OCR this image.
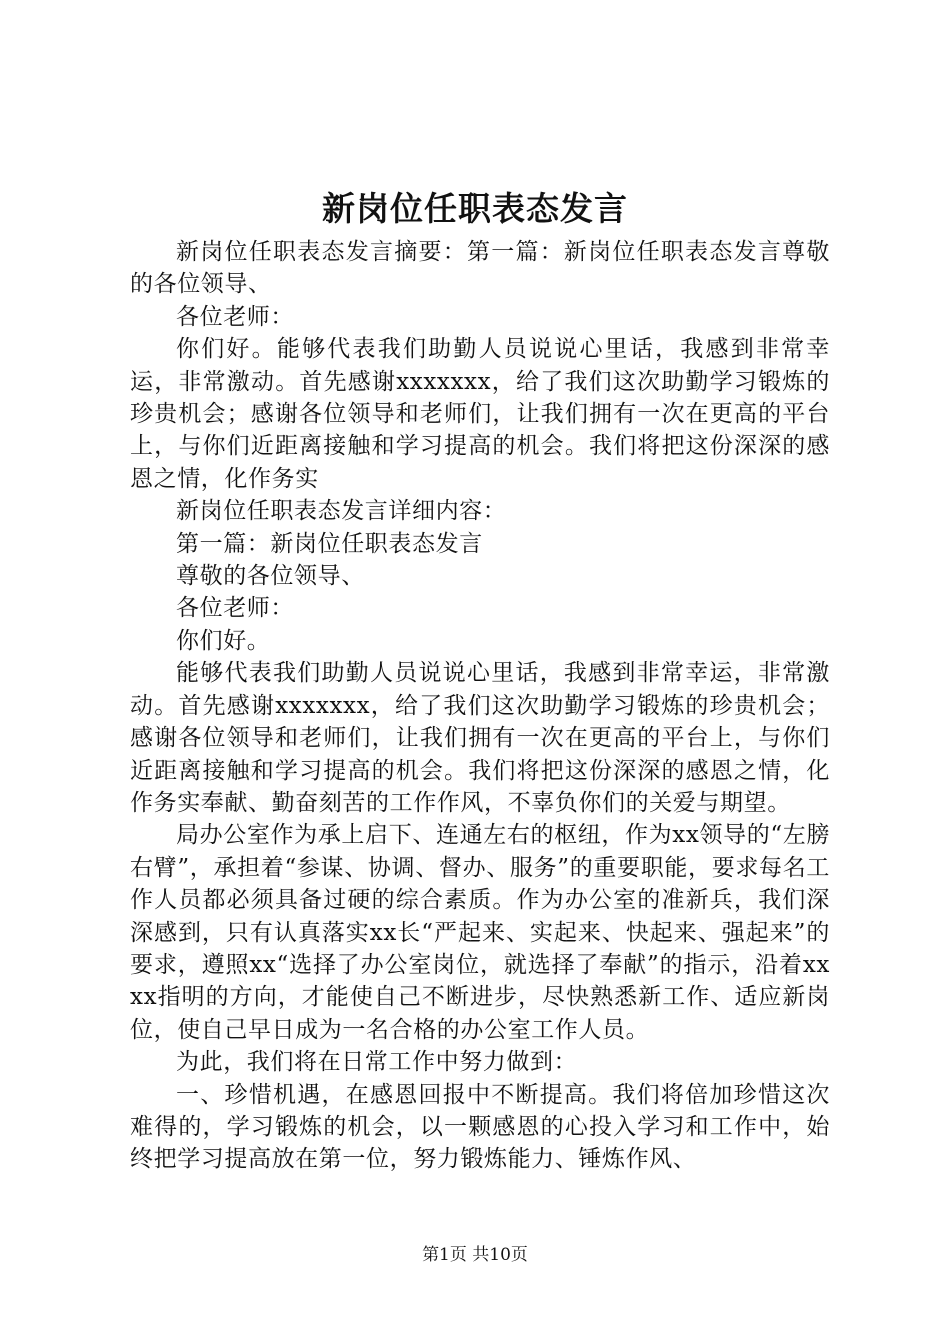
新岗位任职表态发言

新岗位任职表态发言摘要：第一篇：新岗位任职表态发言尊敬的各位领导、

各位老师：

你们好。能够代表我们助勤人员说说心里话，我感到非常幸运，非常激动。首先感谢xxxxxxx，给了我们这次助勤学习锻炼的珍贵机会；感谢各位领导和老师们，让我们拥有一次在更高的平台上，与你们近距离接触和学习提高的机会。我们将把这份深深的感恩之情，化作务实

新岗位任职表态发言详细内容：

第一篇：新岗位任职表态发言

尊敬的各位领导、

各位老师：

你们好。

能够代表我们助勤人员说说心里话，我感到非常幸运，非常激动。首先感谢xxxxxxx，给了我们这次助勤学习锻炼的珍贵机会；感谢各位领导和老师们，让我们拥有一次在更高的平台上，与你们近距离接触和学习提高的机会。我们将把这份深深的感恩之情，化作务实奉献、勤奋刻苦的工作作风，不辜负你们的关爱与期望。

局办公室作为承上启下、连通左右的枢纽，作为xx领导的“左膀右臂”，承担着“参谋、协调、督办、服务”的重要职能，要求每名工作人员都必须具备过硬的综合素质。作为办公室的准新兵，我们深深感到，只有认真落实xx长“严起来、实起来、快起来、强起来”的要求，遵照xx“选择了办公室岗位，就选择了奉献”的指示，沿着xxxx指明的方向，才能使自己不断进步，尽快熟悉新工作、适应新岗位，使自己早日成为一名合格的办公室工作人员。

为此，我们将在日常工作中努力做到：

一、珍惜机遇，在感恩回报中不断提高。我们将倍加珍惜这次难得的，学习锻炼的机会，以一颗感恩的心投入学习和工作中，始终把学习提高放在第一位，努力锻炼能力、锤炼作风、

第1页 共10页
